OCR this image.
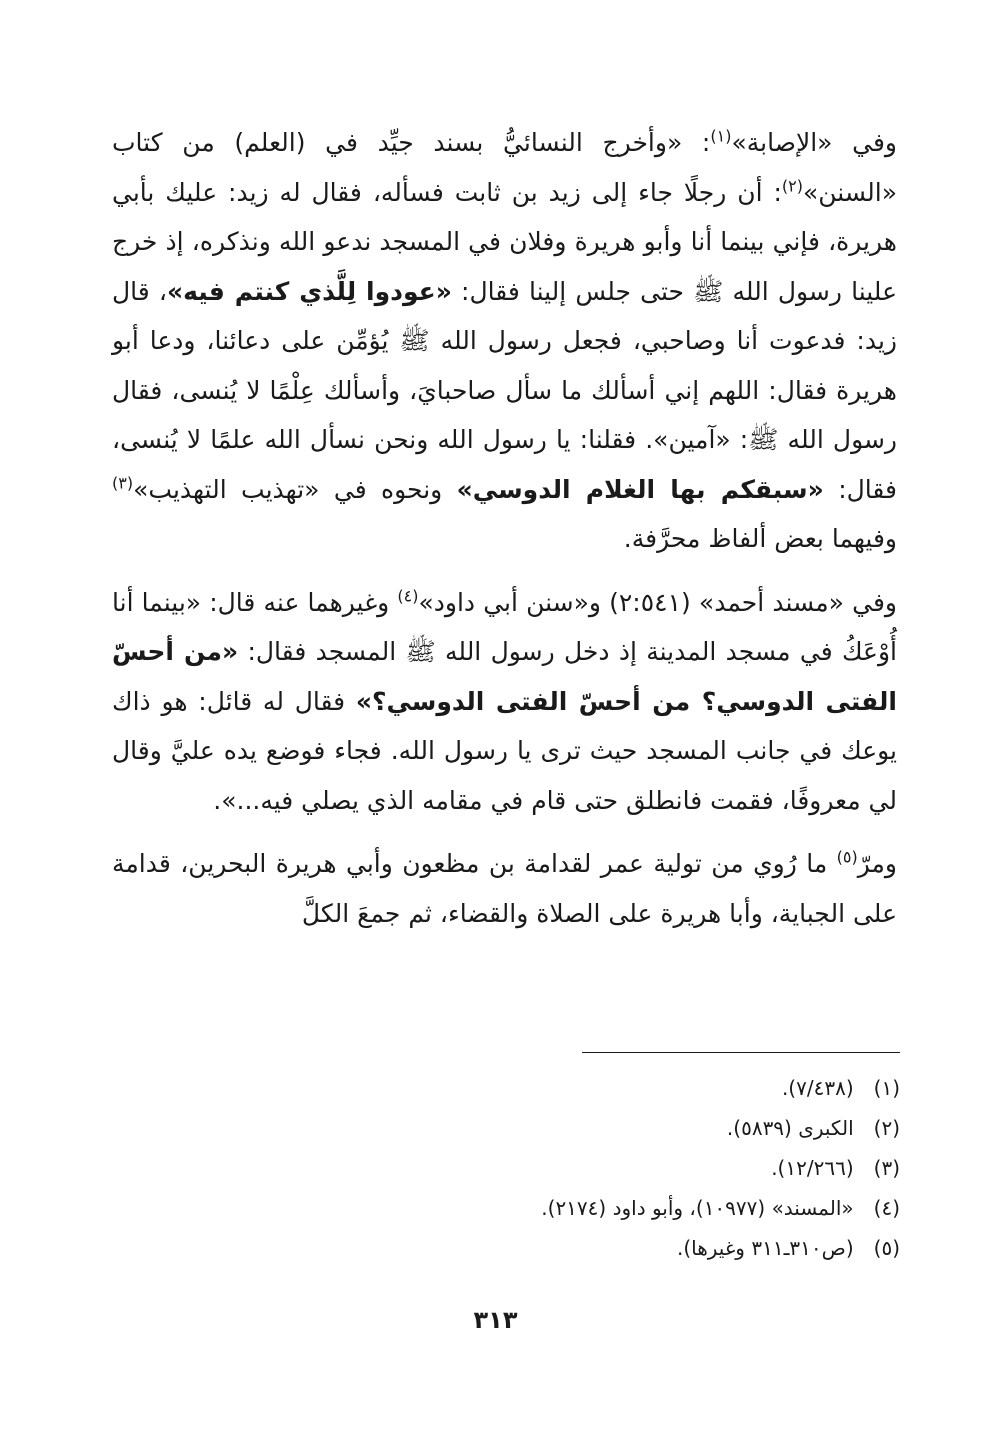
وفي «الإصابة»$^{(١)}$: «وأخرج النسائيُّ بسند جيِّد في (العلم) من كتاب «السنن»$^{(٢)}$: أن رجلًا جاء إلى زيد بن ثابت فسأله، فقال له زيد: عليك بأبي هريرة، فإني بينما أنا وأبو هريرة وفلان في المسجد ندعو الله ونذكره، إذ خرج علينا رسول الله ﷺ حتى جلس إلينا فقال: «عودوا لِلَّذي كنتم فيه»، قال زيد: فدعوت أنا وصاحبي، فجعل رسول الله ﷺ يُؤمِّن على دعائنا، ودعا أبو هريرة فقال: اللهم إني أسألك ما سأل صاحبايَ، وأسألك عِلْمًا لا يُنسى، فقال رسول الله ﷺ: «آمين». فقلنا: يا رسول الله ونحن نسأل الله علمًا لا يُنسى، فقال: «سبقكم بها الغلام الدوسي» ونحوه في «تهذيب التهذيب»$^{(٣)}$ وفيهما بعض ألفاظ محرَّفة.

وفي «مسند أحمد» (٢:٥٤١) و«سنن أبي داود»$^{(٤)}$ وغيرهما عنه قال: «بينما أنا أُوْعَكُ في مسجد المدينة إذ دخل رسول الله ﷺ المسجد فقال: «من أحسّ الفتى الدوسي؟ من أحسّ الفتى الدوسي؟» فقال له قائل: هو ذاك يوعك في جانب المسجد حيث ترى يا رسول الله. فجاء فوضع يده عليَّ وقال لي معروفًا، فقمت فانطلق حتى قام في مقامه الذي يصلي فيه...».

ومرّ$^{(٥)}$ ما رُوي من تولية عمر لقدامة بن مظعون وأبي هريرة البحرين، قدامة على الجباية، وأبا هريرة على الصلاة والقضاء، ثم جمعَ الكلَّ

(١) (٧/٤٣٨).
(٢) الكبرى (٥٨٣٩).
(٣) (١٢/٢٦٦).
(٤) «المسند» (١٠٩٧٧)، وأبو داود (٢١٧٤).
(٥) (ص٣١٠ـ٣١١ وغيرها).
٣١٣
